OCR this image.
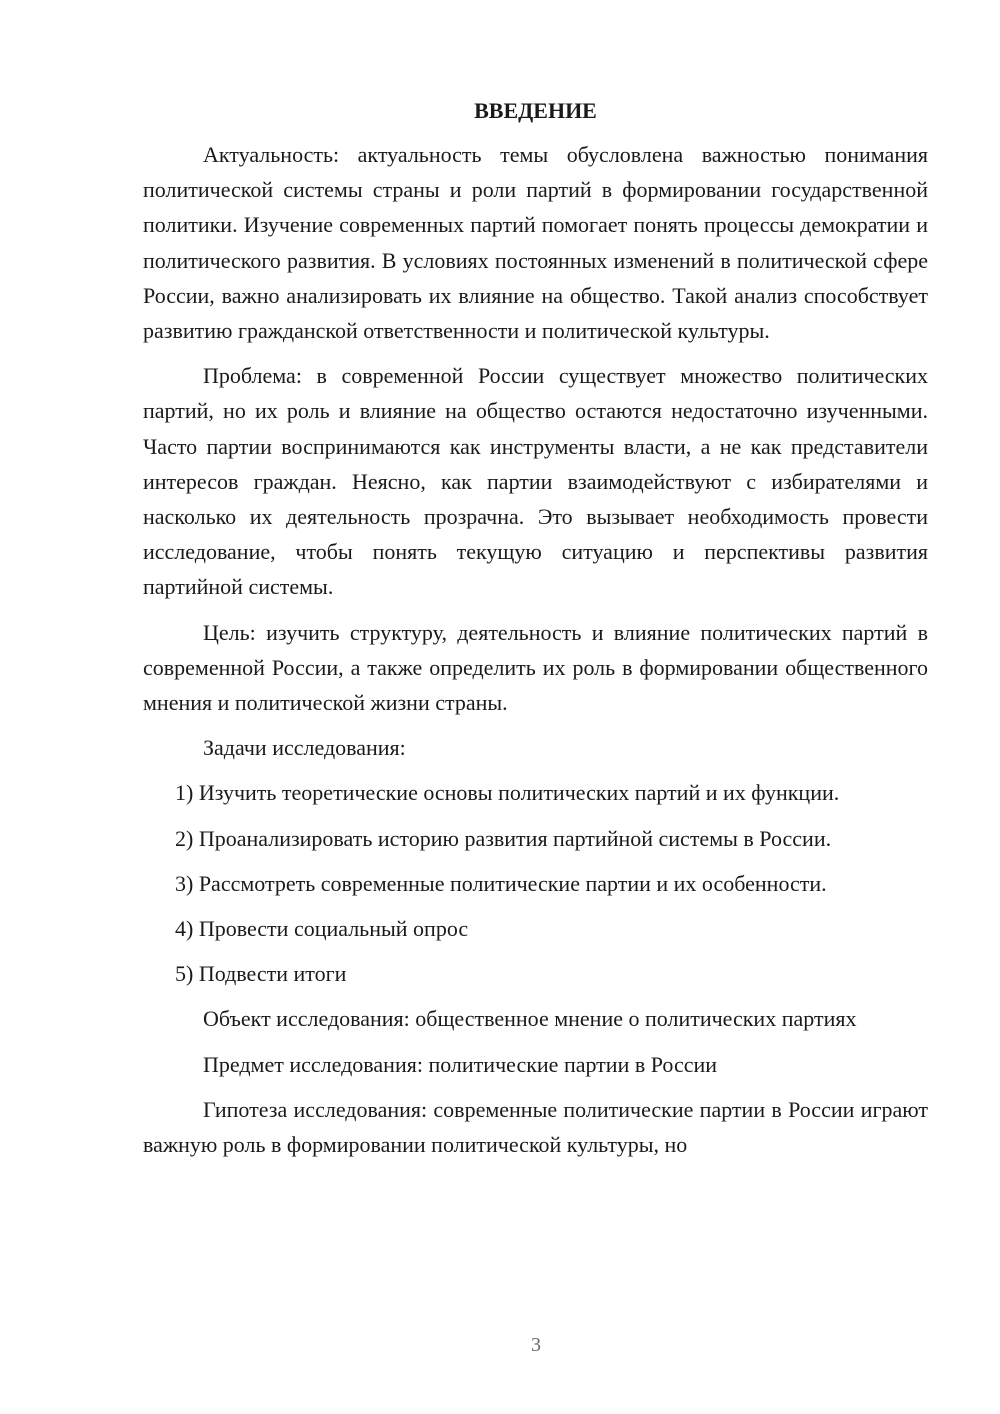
ВВЕДЕНИЕ

Актуальность: актуальность темы обусловлена важностью понимания политической системы страны и роли партий в формировании государственной политики. Изучение современных партий помогает понять процессы демократии и политического развития. В условиях постоянных изменений в политической сфере России, важно анализировать их влияние на общество. Такой анализ способствует развитию гражданской ответственности и политической культуры.

Проблема: в современной России существует множество политических партий, но их роль и влияние на общество остаются недостаточно изученными. Часто партии воспринимаются как инструменты власти, а не как представители интересов граждан. Неясно, как партии взаимодействуют с избирателями и насколько их деятельность прозрачна. Это вызывает необходимость провести исследование, чтобы понять текущую ситуацию и перспективы развития партийной системы.

Цель: изучить структуру, деятельность и влияние политических партий в современной России, а также определить их роль в формировании общественного мнения и политической жизни страны.

Задачи исследования:

1) Изучить теоретические основы политических партий и их функции.

2) Проанализировать историю развития партийной системы в России.

3) Рассмотреть современные политические партии и их особенности.

4) Провести социальный опрос

5) Подвести итоги

Объект исследования: общественное мнение о политических партиях

Предмет исследования: политические партии в России

Гипотеза исследования: современные политические партии в России играют важную роль в формировании политической культуры, но

3
